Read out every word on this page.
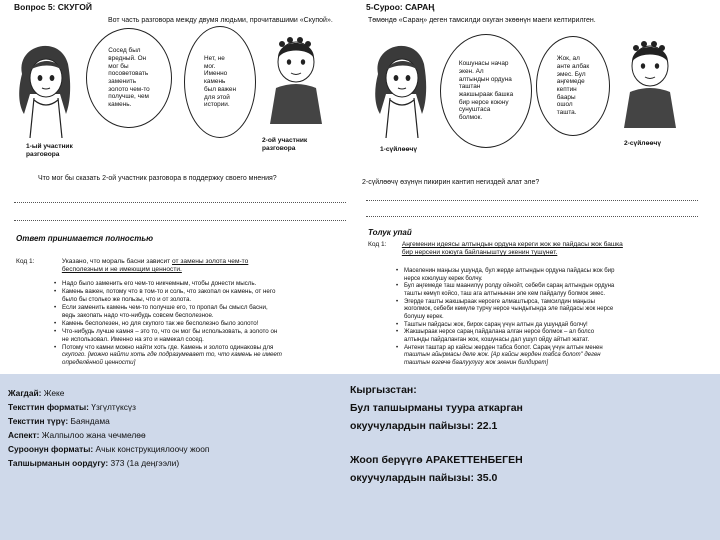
Вопрос 5: СКУГОЙ
Вот часть разговора между двумя людьми, прочитавшими «Скупой».
Сосед был
вредный. Он
мог бы
посоветовать
заменить
золото чем-то
получше, чем
камень.
Нет, не
мог.
Именно
камень
был важен
для этой
истории.
1-ый участник
разговора
2-ой участник
разговора
Что мог бы сказать 2-ой участник разговора в поддержку своего мнения?
Ответ принимается полностью
Код 1:	Указано, что мораль басни зависит от замены золота чем-то
бесполезным и не имеющим ценности.
• Надо было заменить его чем-то никчемным, чтобы донести мысль.
• Камень важен, потому что в том-то и соль, что закопал он камень, от него
было бы столько же пользы, что и от золота.
• Если заменить камень чем-то получше его, то пропал бы смысл басни,
ведь закопать надо что-нибудь совсем бесполезное.
• Камень бесполезен, но для скупого так же бесполезно было золото!
• Что-нибудь лучше камня – это то, что он мог бы использовать, а золото он
не использовал. Именно на это и намекал сосед.
• Потому что камни можно найти хоть где. Камень и золото одинаковы для
скупого. [можно найти хоть где подразумевает то, что камень не имеет
определённой ценности]
5-Суроо: САРАҢ
Төмөндө «Сараң» деген тамсилди окуган экөөнүн маеги келтирилген.
Кошунасы начар
экен. Ал
алтындын ордуна
таштан
жакшыраак башка
бир нерсе коюну
сунуштаса
болмок.
Жок, ал
анте албак
эмес. Бул
аңгемеде
кептин
баары
ошол
ташта.
1-сүйлөөчү
2-сүйлөөчү
2-сүйлөөчү өзүнүн пикирин кантип негиздей алат эле?
Толук упай
Код 1: Аңгеменин идеясы алтындын ордуна кереги жок же пайдасы жок башка
бир нерсени коюуга байланыштуу экенин түшүнөт.
• Маселенин маңызы ушунда, бул жерде алтындын ордуна пайдасы жок бир
нерсе коюлушу керек болчу.
• Бул аңгемеде таш маанилүү ролду ойнойт, себеби сараң алтындын ордуна
ташты көмүп койсо, таш ага алтынынан эле кем пайдалуу болмок эмес.
• Эгерде ташты жакшыраак нерсеге алмаштырса, тамсилдин маңызы
жоголмок, себеби көмүлө турчу нерсе чындыгында эле пайдасы жок нерсе
болушу керек.
• Таштын пайдасы жок, бирок сараң үчүн алтын да ушундай болчу!
• Жакшыраак нерсе сараң пайдалана алган нерсе болмок – ал болсо
алтынды пайдаланган жок, кошунасы дал ушул ойду айтып жатат.
• Антени таштар ар кайсы жерден табса болот. Сараң үчүн алтын менен
таштын айырмасы деле жок. [Ар кайсы жерден табса болот" деген
таштын өзгөчө баалуулугу жок экенин билдирет]
Жагдай: Жеке
Тексттин форматы: Үзгүлтүксүз
Тексттин түрү: Баяндама
Аспект: Жалпылоо жана чечмелөө
Суроонун форматы: Ачык конструкциялоочу жооп
Тапшырманын оордугу: 373 (1а деңгээли)
Кыргызстан:
Бул тапшырманы туура аткарган
окуучулардын пайызы: 22.1
Жооп берүүгө АРАКЕТТЕНБЕГЕН
окуучулардын пайызы: 35.0
